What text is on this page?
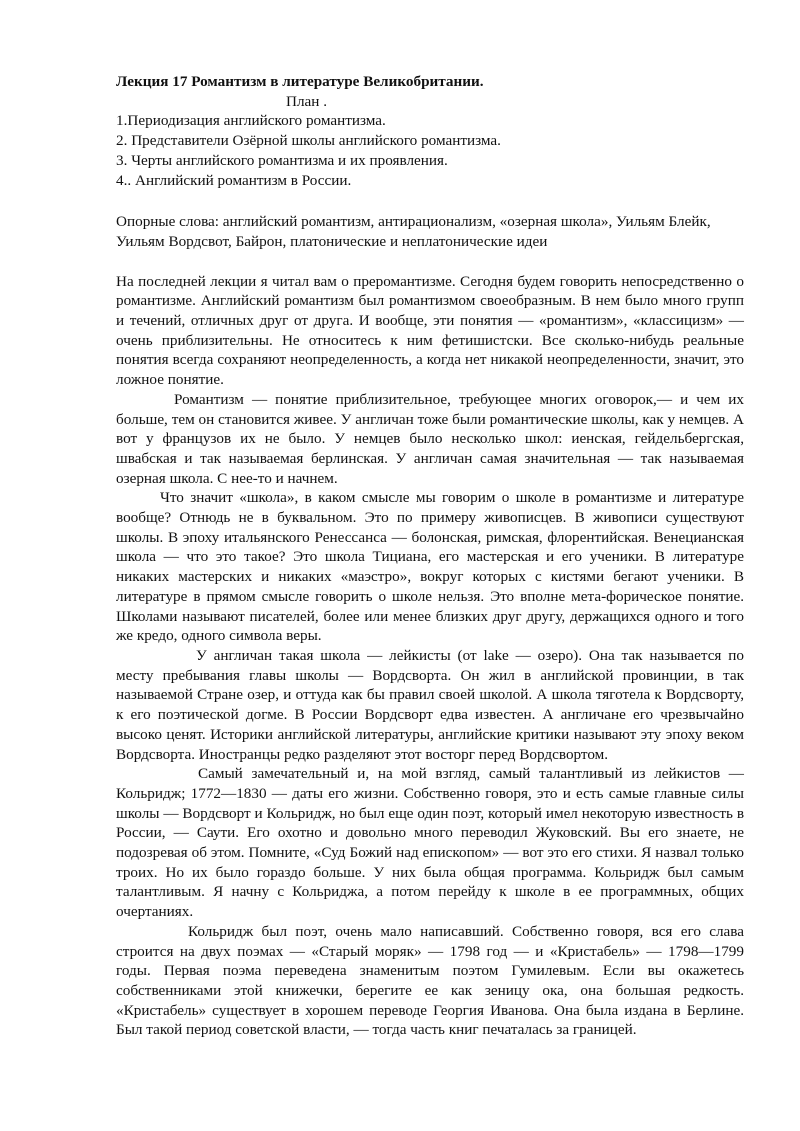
Лекция 17 Романтизм в литературе Великобритании.

План .

1.Периодизация английского романтизма.

2. Представители Озёрной школы английского романтизма.

3. Черты английского романтизма и их проявления.

4.. Английский романтизм в России.

Опорные слова: английский романтизм, антирационализм, «озерная школа», Уильям Блейк, Уильям Вордсвот, Байрон, платонические и неплатонические идеи

На последней лекции я читал вам о преромантизме. Сегодня будем говорить непосредственно о романтизме. Английский романтизм был романтизмом своеобразным. В нем было много групп и течений, отличных друг от друга. И вообще, эти понятия — «романтизм», «классицизм» — очень приблизительны. Не относитесь к ним фетишистски. Все сколько-нибудь реальные понятия всегда сохраняют неопределенность, а когда нет никакой неопределенности, значит, это ложное понятие.

Романтизм — понятие приблизительное, требующее многих оговорок,— и чем их больше, тем он становится живее. У англичан тоже были романтические школы, как у немцев. А вот у французов их не было. У немцев было несколько школ: иенская, гейдельбергская, швабская и так называемая берлинская. У англичан самая значительная — так называемая озерная школа. С нее-то и начнем.

Что значит «школа», в каком смысле мы говорим о школе в романтизме и литературе вообще? Отнюдь не в буквальном. Это по примеру живописцев. В живописи существуют школы. В эпоху итальянского Ренессанса — болонская, римская, флорентийская. Венецианская школа — что это такое? Это школа Тициана, его мастерская и его ученики. В литературе никаких мастерских и никаких «маэстро», вокруг которых с кистями бегают ученики. В литературе в прямом смысле говорить о школе нельзя. Это вполне мета-форическое понятие. Школами называют писателей, более или менее близких друг другу, держащихся одного и того же кредо, одного символа веры.

У англичан такая школа — лейкисты (от lake — озеро). Она так называется по месту пребывания главы школы — Вордсворта. Он жил в английской провинции, в так называемой Стране озер, и оттуда как бы правил своей школой. А школа тяготела к Вордсворту, к его поэтической догме. В России Вордсворт едва известен. А англичане его чрезвычайно высоко ценят. Историки английской литературы, английские критики называют эту эпоху веком Вордсворта. Иностранцы редко разделяют этот восторг перед Вордсвортом.

Самый замечательный и, на мой взгляд, самый талантливый из лейкистов — Кольридж; 1772—1830 — даты его жизни. Собственно говоря, это и есть самые главные силы школы — Вордсворт и Кольридж, но был еще один поэт, который имел некоторую известность в России, — Саути. Его охотно и довольно много переводил Жуковский. Вы его знаете, не подозревая об этом. Помните, «Суд Божий над епископом» — вот это его стихи. Я назвал только троих. Но их было гораздо больше. У них была общая программа. Кольридж был самым талантливым. Я начну с Кольриджа, а потом перейду к школе в ее программных, общих очертаниях.

Кольридж был поэт, очень мало написавший. Собственно говоря, вся его слава строится на двух поэмах — «Старый моряк» — 1798 год — и «Кристабель» — 1798—1799 годы. Первая поэма переведена знаменитым поэтом Гумилевым. Если вы окажетесь собственниками этой книжечки, берегите ее как зеницу ока, она большая редкость. «Кристабель» существует в хорошем переводе Георгия Иванова. Она была издана в Берлине. Был такой период советской власти, — тогда часть книг печаталась за границей.
